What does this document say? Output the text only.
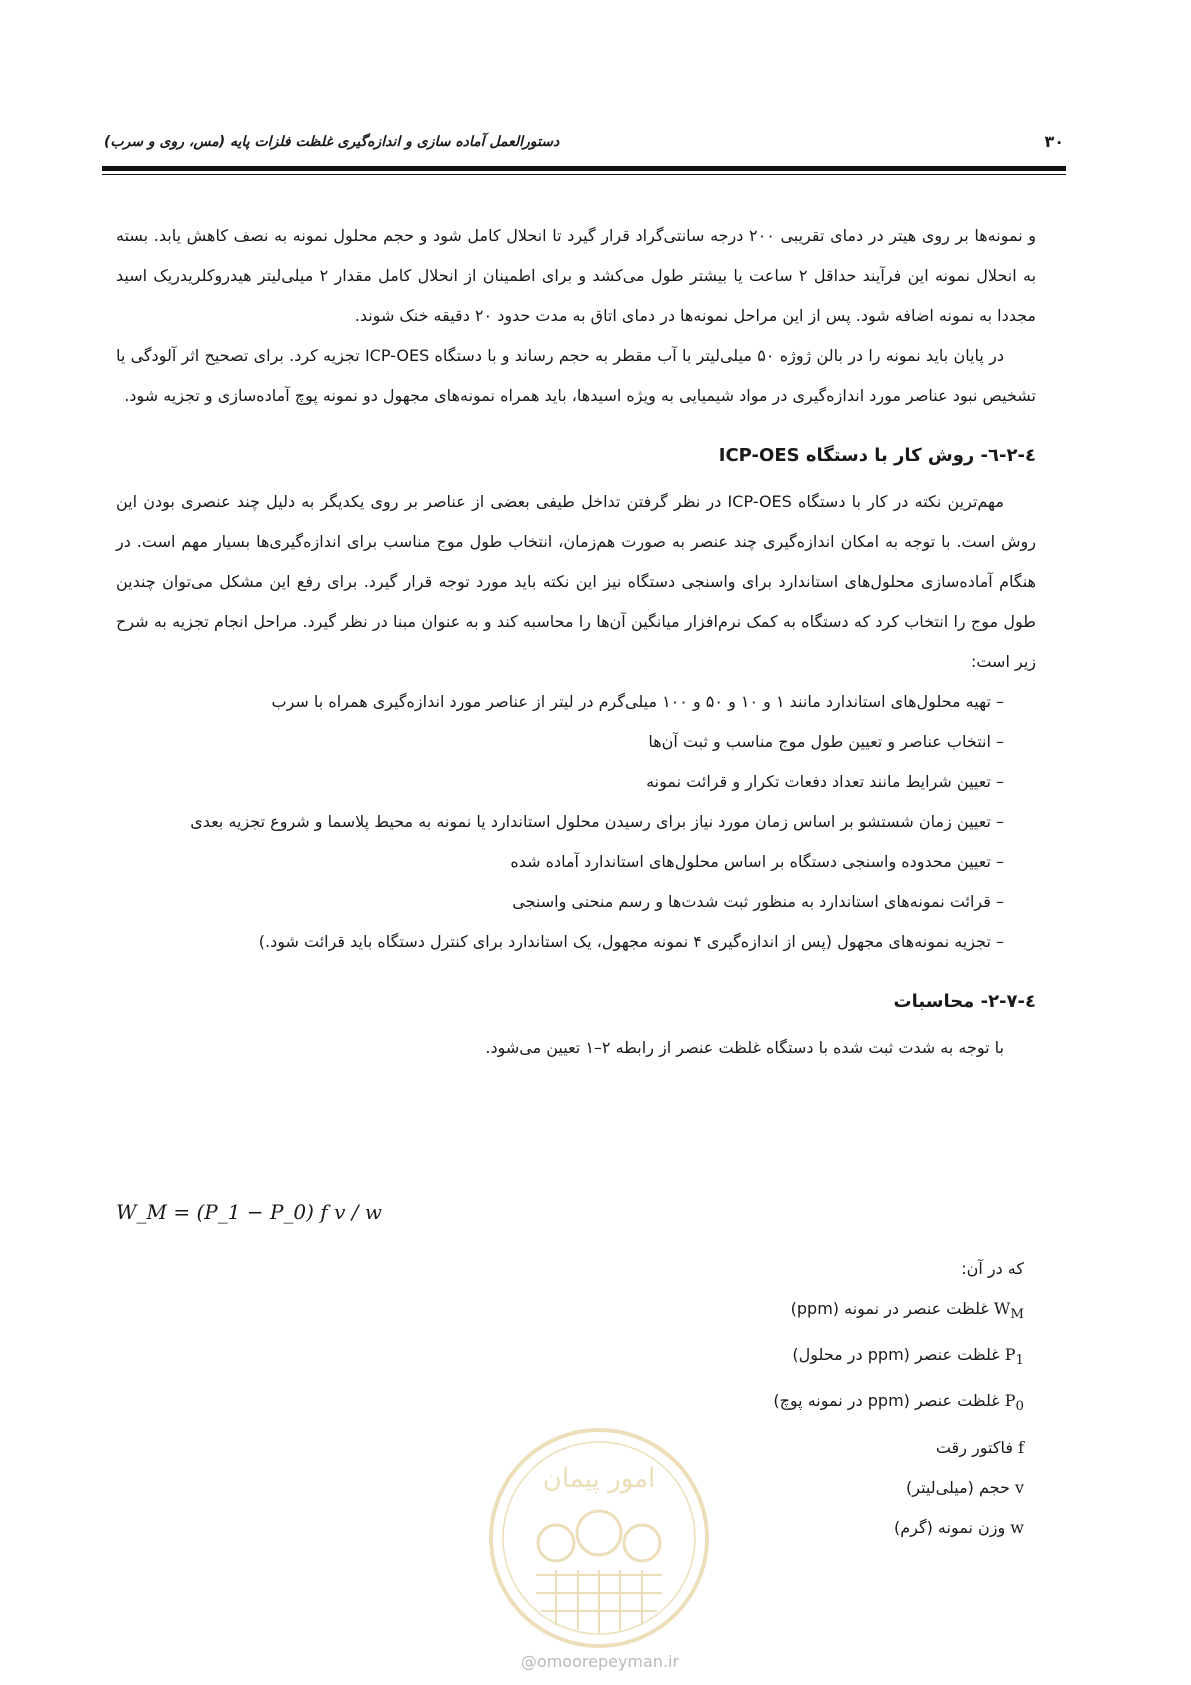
۳۰
دستورالعمل آماده سازی و اندازه‌گیری غلظت فلزات پایه (مس، روی و سرب)

و نمونه‌ها بر روی هیتر در دمای تقریبی ۲۰۰ درجه سانتی‌گراد قرار گیرد تا انحلال کامل شود و حجم محلول نمونه به نصف کاهش یابد. بسته به انحلال نمونه این فرآیند حداقل ۲ ساعت یا بیشتر طول می‌کشد و برای اطمینان از انحلال کامل مقدار ۲ میلی‌لیتر هیدروکلریدریک اسید مجددا به نمونه اضافه شود. پس از این مراحل نمونه‌ها در دمای اتاق به مدت حدود ۲۰ دقیقه خنک شوند.

در پایان باید نمونه را در بالن ژوژه ۵۰ میلی‌لیتر با آب مقطر به حجم رساند و با دستگاه ICP-OES تجزیه کرد. برای تصحیح اثر آلودگی یا تشخیص نبود عناصر مورد اندازه‌گیری در مواد شیمیایی به ویژه اسیدها، باید همراه نمونه‌های مجهول دو نمونه پوچ آماده‌سازی و تجزیه شود.

٤-۲-٦- روش کار با دستگاه ICP-OES

مهم‌ترین نکته در کار با دستگاه ICP-OES در نظر گرفتن تداخل طیفی بعضی از عناصر بر روی یکدیگر به دلیل چند عنصری بودن این روش است. با توجه به امکان اندازه‌گیری چند عنصر به صورت هم‌زمان، انتخاب طول موج مناسب برای اندازه‌گیری‌ها بسیار مهم است. در هنگام آماده‌سازی محلول‌های استاندارد برای واسنجی دستگاه نیز این نکته باید مورد توجه قرار گیرد. برای رفع این مشکل می‌توان چندین طول موج را انتخاب کرد که دستگاه به کمک نرم‌افزار میانگین آن‌ها را محاسبه کند و به عنوان مبنا در نظر گیرد. مراحل انجام تجزیه به شرح زیر است:

– تهیه محلول‌های استاندارد مانند ۱ و ۱۰ و ۵۰ و ۱۰۰ میلی‌گرم در لیتر از عناصر مورد اندازه‌گیری همراه با سرب
– انتخاب عناصر و تعیین طول موج مناسب و ثبت آن‌ها
– تعیین شرایط مانند تعداد دفعات تکرار و قرائت نمونه
– تعیین زمان شستشو بر اساس زمان مورد نیاز برای رسیدن محلول استاندارد یا نمونه به محیط پلاسما و شروع تجزیه بعدی
– تعیین محدوده واسنجی دستگاه بر اساس محلول‌های استاندارد آماده شده
– قرائت نمونه‌های استاندارد به منظور ثبت شدت‌ها و رسم منحنی واسنجی
– تجزیه نمونه‌های مجهول (پس از اندازه‌گیری ۴ نمونه مجهول، یک استاندارد برای کنترل دستگاه باید قرائت شود.)
٤-۲-۷- محاسبات

با توجه به شدت ثبت شده با دستگاه غلظت عنصر از رابطه ۲–۱ تعیین می‌شود.

W_M = (P_1 − P_0) f v / w
که در آن:
$W_M$ غلظت عنصر در نمونه (ppm)
$P_1$ غلظت عنصر (ppm در محلول)
$P_0$ غلظت عنصر (ppm در نمونه پوچ)
f فاکتور رقت
v حجم (میلی‌لیتر)
w وزن نمونه (گرم)
امور پیمان
@omoorepeyman.ir
